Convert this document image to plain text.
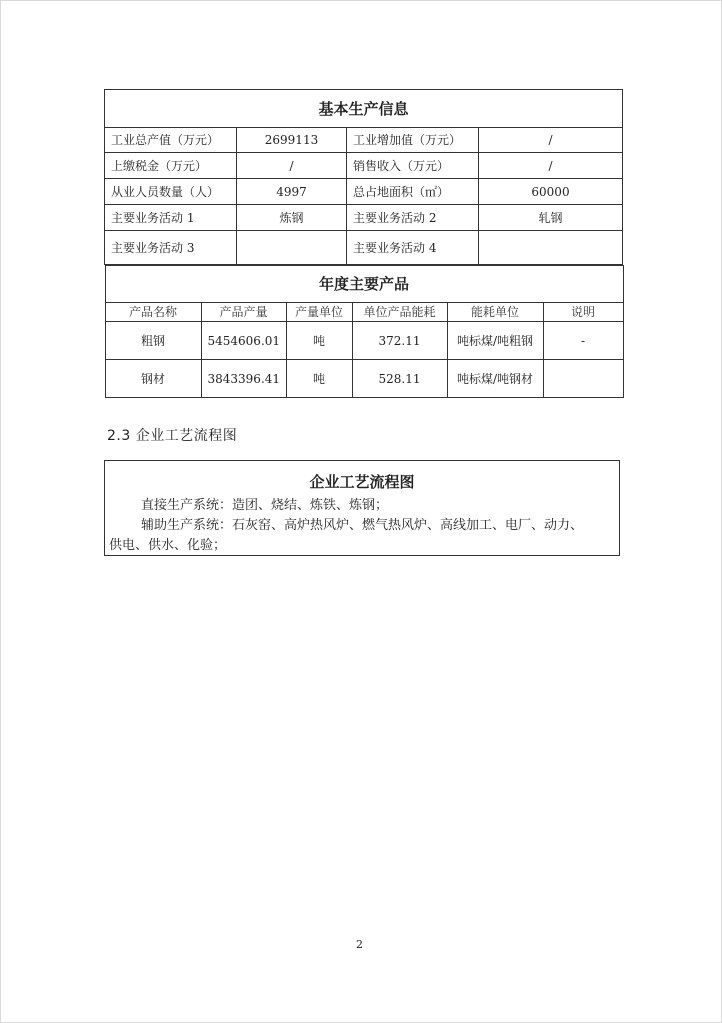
基本生产信息
工业总产值（万元）	2699113	工业增加值（万元）	/
上缴税金（万元）	/	销售收入（万元）	/
从业人员数量（人）	4997	总占地面积（㎡）	60000
主要业务活动 1	炼钢	主要业务活动 2	轧钢
主要业务活动 3		主要业务活动 4	

年度主要产品
产品名称	产品产量	产量单位	单位产品能耗	能耗单位	说明
粗钢	5454606.01	吨	372.11	吨标煤/吨粗钢	-
钢材	3843396.41	吨	528.11	吨标煤/吨钢材	
2.3 企业工艺流程图
企业工艺流程图
直接生产系统：造团、烧结、炼铁、炼钢；
辅助生产系统：石灰窑、高炉热风炉、燃气热风炉、高线加工、电厂、动力、
供电、供水、化验；
2
